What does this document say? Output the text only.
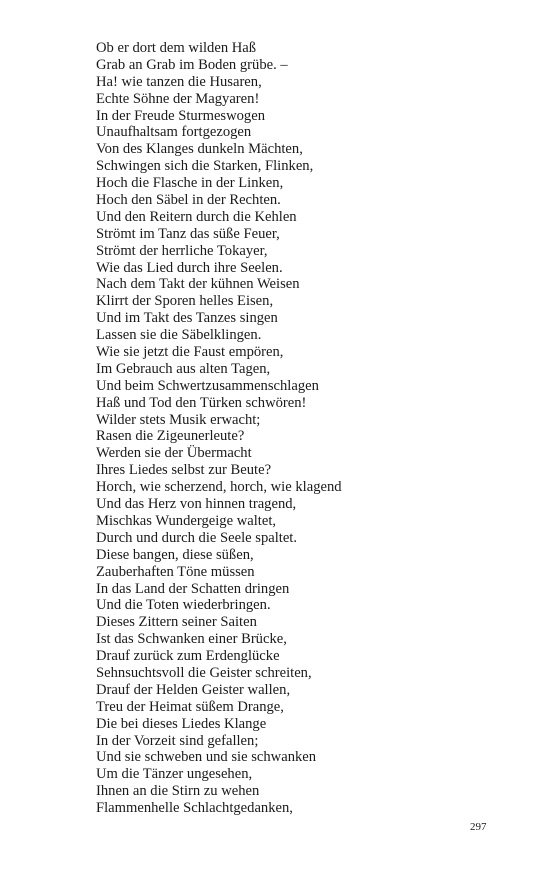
Ob er dort dem wilden Haß
Grab an Grab im Boden grübe. –
Ha! wie tanzen die Husaren,
Echte Söhne der Magyaren!
In der Freude Sturmeswogen
Unaufhaltsam fortgezogen
Von des Klanges dunkeln Mächten,
Schwingen sich die Starken, Flinken,
Hoch die Flasche in der Linken,
Hoch den Säbel in der Rechten.
Und den Reitern durch die Kehlen
Strömt im Tanz das süße Feuer,
Strömt der herrliche Tokayer,
Wie das Lied durch ihre Seelen.
Nach dem Takt der kühnen Weisen
Klirrt der Sporen helles Eisen,
Und im Takt des Tanzes singen
Lassen sie die Säbelklingen.
Wie sie jetzt die Faust empören,
Im Gebrauch aus alten Tagen,
Und beim Schwertzusammenschlagen
Haß und Tod den Türken schwören!
Wilder stets Musik erwacht;
Rasen die Zigeunerleute?
Werden sie der Übermacht
Ihres Liedes selbst zur Beute?
Horch, wie scherzend, horch, wie klagend
Und das Herz von hinnen tragend,
Mischkas Wundergeige waltet,
Durch und durch die Seele spaltet.
Diese bangen, diese süßen,
Zauberhaften Töne müssen
In das Land der Schatten dringen
Und die Toten wiederbringen.
Dieses Zittern seiner Saiten
Ist das Schwanken einer Brücke,
Drauf zurück zum Erdenglücke
Sehnsuchtsvoll die Geister schreiten,
Drauf der Helden Geister wallen,
Treu der Heimat süßem Drange,
Die bei dieses Liedes Klange
In der Vorzeit sind gefallen;
Und sie schweben und sie schwanken
Um die Tänzer ungesehen,
Ihnen an die Stirn zu wehen
Flammenhelle Schlachtgedanken,
297
